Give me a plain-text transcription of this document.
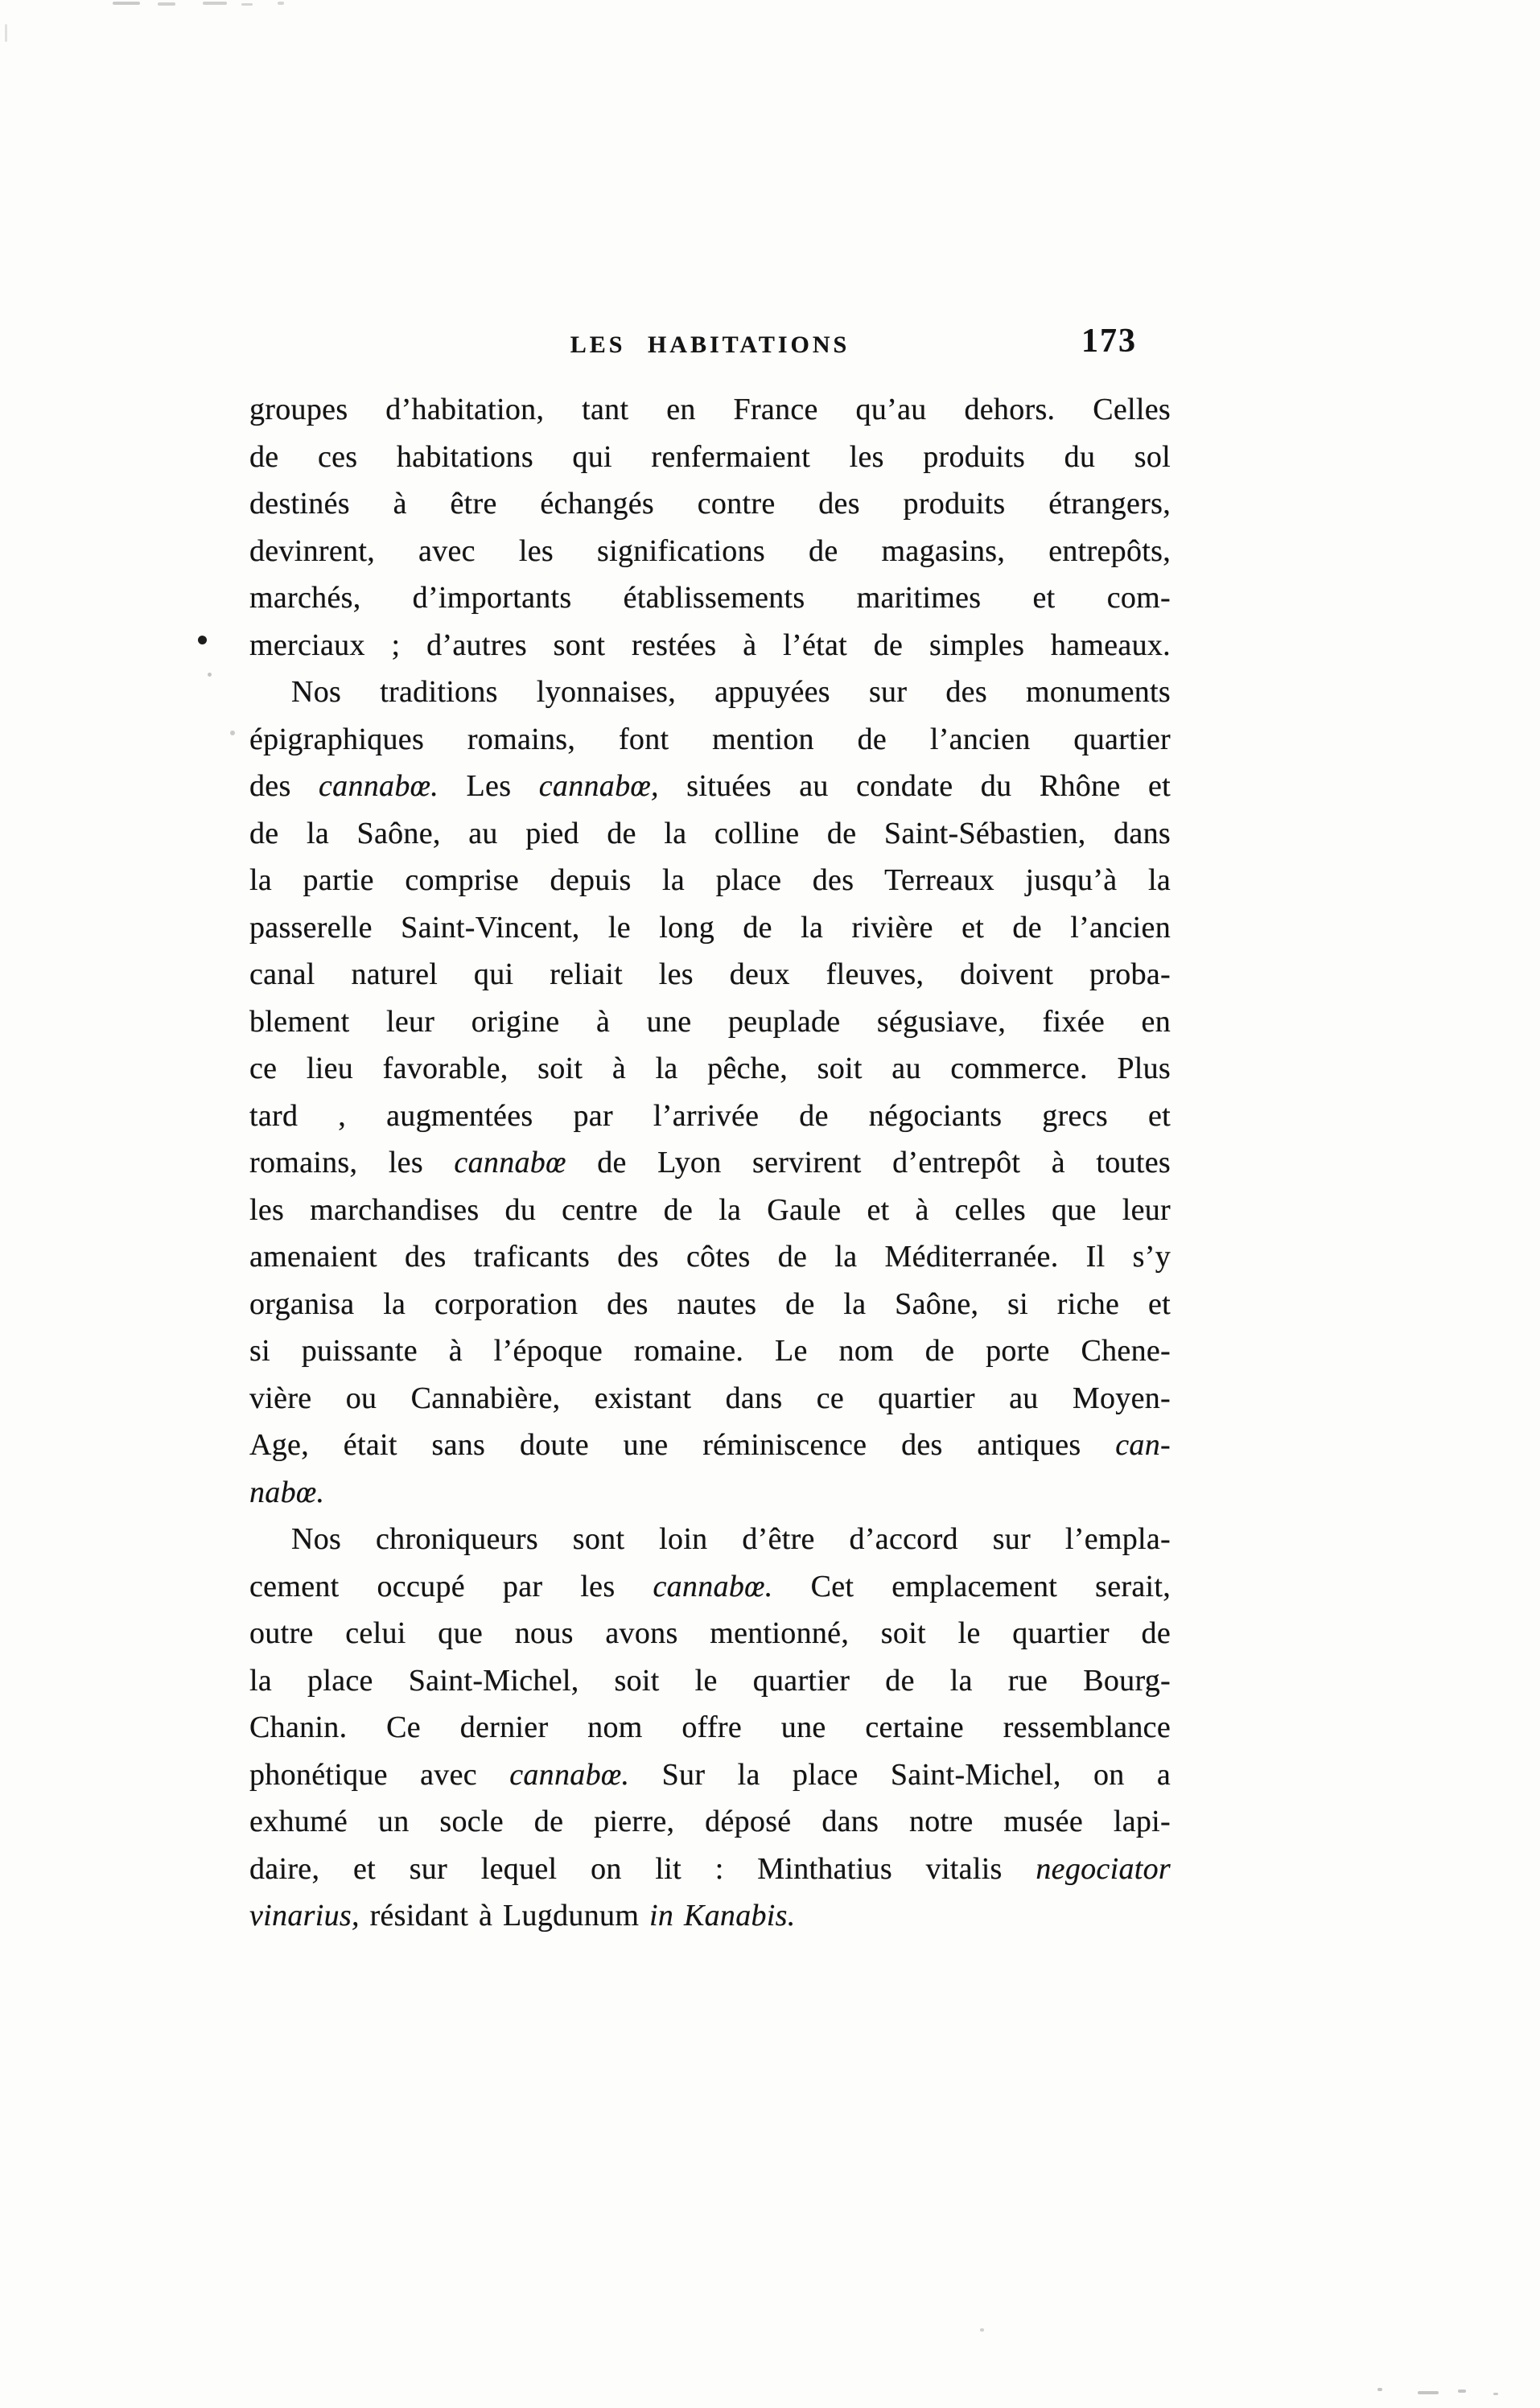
LES HABITATIONS	173
groupes d’habitation, tant en France qu’au dehors. Celles
de ces habitations qui renfermaient les produits du sol
destinés à être échangés contre des produits étrangers,
devinrent, avec les significations de magasins, entrepôts,
marchés, d’importants établissements maritimes et com-
merciaux ; d’autres sont restées à l’état de simples hameaux.
Nos traditions lyonnaises, appuyées sur des monuments
épigraphiques romains, font mention de l’ancien quartier
des cannabœ. Les cannabœ, situées au condate du Rhône et
de la Saône, au pied de la colline de Saint-Sébastien, dans
la partie comprise depuis la place des Terreaux jusqu’à la
passerelle Saint-Vincent, le long de la rivière et de l’ancien
canal naturel qui reliait les deux fleuves, doivent proba-
blement leur origine à une peuplade ségusiave, fixée en
ce lieu favorable, soit à la pêche, soit au commerce. Plus
tard , augmentées par l’arrivée de négociants grecs et
romains, les cannabœ de Lyon servirent d’entrepôt à toutes
les marchandises du centre de la Gaule et à celles que leur
amenaient des traficants des côtes de la Méditerranée. Il s’y
organisa la corporation des nautes de la Saône, si riche et
si puissante à l’époque romaine. Le nom de porte Chene-
vière ou Cannabière, existant dans ce quartier au Moyen-
Age, était sans doute une réminiscence des antiques can-
nabœ.
Nos chroniqueurs sont loin d’être d’accord sur l’empla-
cement occupé par les cannabœ. Cet emplacement serait,
outre celui que nous avons mentionné, soit le quartier de
la place Saint-Michel, soit le quartier de la rue Bourg-
Chanin. Ce dernier nom offre une certaine ressemblance
phonétique avec cannabœ. Sur la place Saint-Michel, on a
exhumé un socle de pierre, déposé dans notre musée lapi-
daire, et sur lequel on lit : Minthatius vitalis negociator
vinarius, résidant à Lugdunum in Kanabis.
